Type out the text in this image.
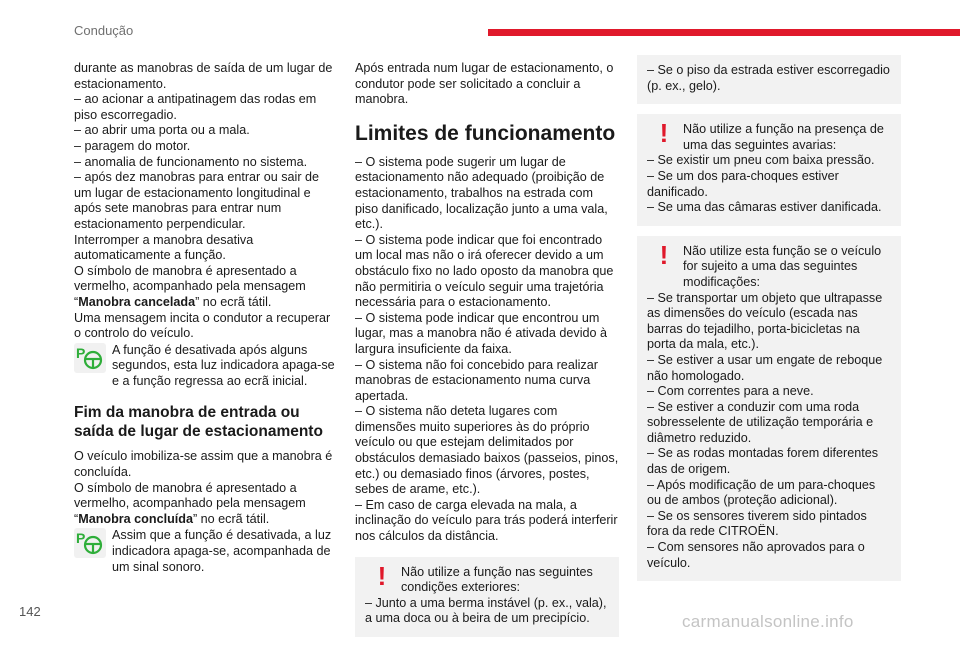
Condução

durante as manobras de saída de um lugar de estacionamento.

– ao acionar a antipatinagem das rodas em piso escorregadio.

– ao abrir uma porta ou a mala.

– paragem do motor.

– anomalia de funcionamento no sistema.

– após dez manobras para entrar ou sair de um lugar de estacionamento longitudinal e após sete manobras para entrar num estacionamento perpendicular.

Interromper a manobra desativa automaticamente a função.

O símbolo de manobra é apresentado a vermelho, acompanhado pela mensagem “Manobra cancelada” no ecrã tátil.

Uma mensagem incita o condutor a recuperar o controlo do veículo.

P A função é desativada após alguns segundos, esta luz indicadora apaga-se e a função regressa ao ecrã inicial.
Fim da manobra de entrada ou saída de lugar de estacionamento

O veículo imobiliza-se assim que a manobra é concluída.

O símbolo de manobra é apresentado a vermelho, acompanhado pela mensagem “Manobra concluída” no ecrã tátil.

P Assim que a função é desativada, a luz indicadora apaga-se, acompanhada de um sinal sonoro.

Após entrada num lugar de estacionamento, o condutor pode ser solicitado a concluir a manobra.

Limites de funcionamento

– O sistema pode sugerir um lugar de estacionamento não adequado (proibição de estacionamento, trabalhos na estrada com piso danificado, localização junto a uma vala, etc.).

– O sistema pode indicar que foi encontrado um local mas não o irá oferecer devido a um obstáculo fixo no lado oposto da manobra que não permitiria o veículo seguir uma trajetória necessária para o estacionamento.

– O sistema pode indicar que encontrou um lugar, mas a manobra não é ativada devido à largura insuficiente da faixa.

– O sistema não foi concebido para realizar manobras de estacionamento numa curva apertada.

– O sistema não deteta lugares com dimensões muito superiores às do próprio veículo ou que estejam delimitados por obstáculos demasiado baixos (passeios, pinos, etc.) ou demasiado finos (árvores, postes, sebes de arame, etc.).

– Em caso de carga elevada na mala, a inclinação do veículo para trás poderá interferir nos cálculos da distância.

! Não utilize a função nas seguintes condições exteriores:

– Junto a uma berma instável (p. ex., vala), a uma doca ou à beira de um precipício.

– Se o piso da estrada estiver escorregadio (p. ex., gelo).

! Não utilize a função na presença de uma das seguintes avarias:

– Se existir um pneu com baixa pressão.

– Se um dos para-choques estiver danificado.

– Se uma das câmaras estiver danificada.

! Não utilize esta função se o veículo for sujeito a uma das seguintes modificações:

– Se transportar um objeto que ultrapasse as dimensões do veículo (escada nas barras do tejadilho, porta-bicicletas na porta da mala, etc.).

– Se estiver a usar um engate de reboque não homologado.

– Com correntes para a neve.

– Se estiver a conduzir com uma roda sobresselente de utilização temporária e diâmetro reduzido.

– Se as rodas montadas forem diferentes das de origem.

– Após modificação de um para-choques ou de ambos (proteção adicional).

– Se os sensores tiverem sido pintados fora da rede CITROËN.

– Com sensores não aprovados para o veículo.

142
carmanualsonline.info
